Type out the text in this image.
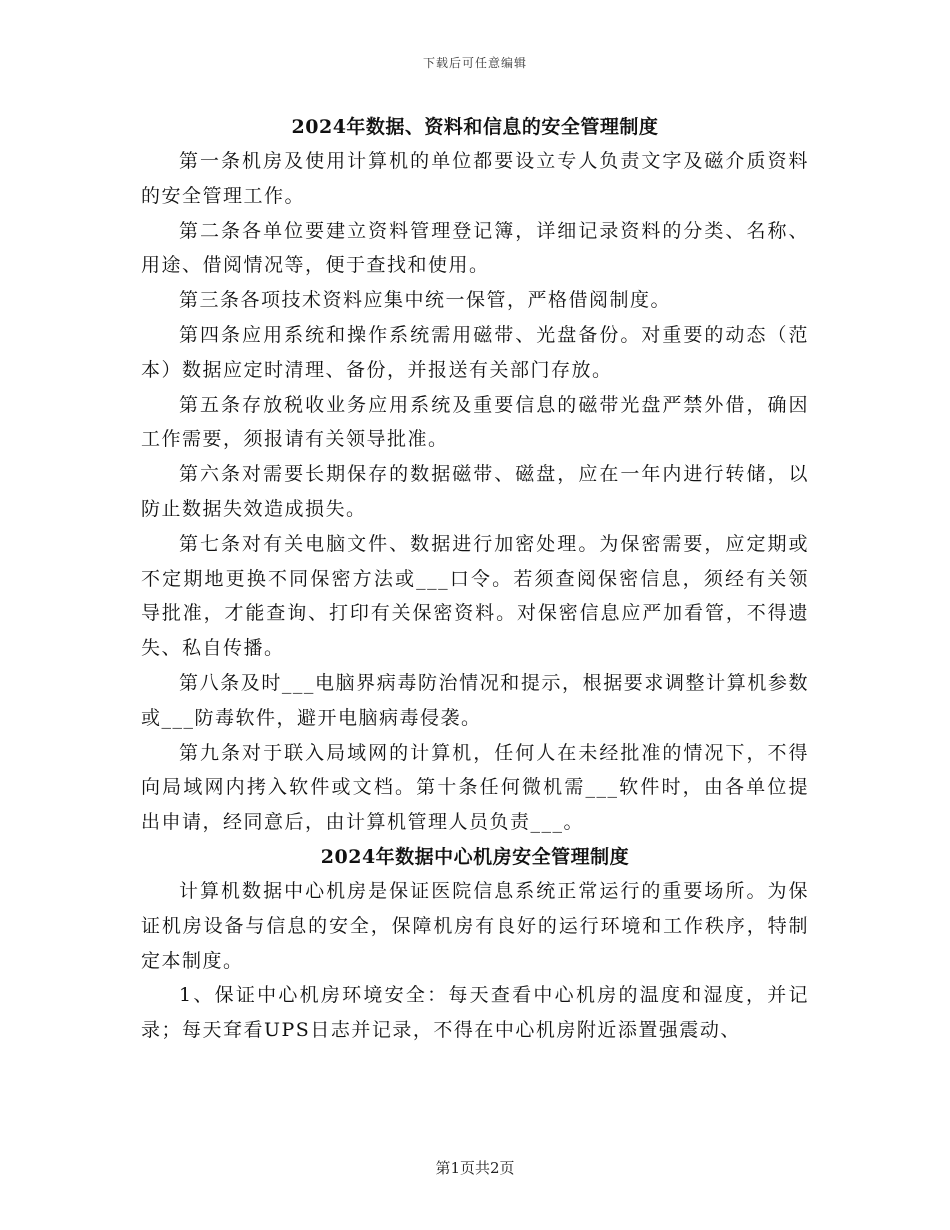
下载后可任意编辑
2024年数据、资料和信息的安全管理制度

第一条机房及使用计算机的单位都要设立专人负责文字及磁介质资料的安全管理工作。

第二条各单位要建立资料管理登记簿，详细记录资料的分类、名称、用途、借阅情况等，便于查找和使用。

第三条各项技术资料应集中统一保管，严格借阅制度。

第四条应用系统和操作系统需用磁带、光盘备份。对重要的动态（范本）数据应定时清理、备份，并报送有关部门存放。

第五条存放税收业务应用系统及重要信息的磁带光盘严禁外借，确因工作需要，须报请有关领导批准。

第六条对需要长期保存的数据磁带、磁盘，应在一年内进行转储，以防止数据失效造成损失。

第七条对有关电脑文件、数据进行加密处理。为保密需要，应定期或不定期地更换不同保密方法或___口令。若须查阅保密信息，须经有关领导批准，才能查询、打印有关保密资料。对保密信息应严加看管，不得遗失、私自传播。

第八条及时___电脑界病毒防治情况和提示，根据要求调整计算机参数或___防毒软件，避开电脑病毒侵袭。

第九条对于联入局域网的计算机，任何人在未经批准的情况下，不得向局域网内拷入软件或文档。第十条任何微机需___软件时，由各单位提出申请，经同意后，由计算机管理人员负责___。

2024年数据中心机房安全管理制度

计算机数据中心机房是保证医院信息系统正常运行的重要场所。为保证机房设备与信息的安全，保障机房有良好的运行环境和工作秩序，特制定本制度。

1、保证中心机房环境安全：每天查看中心机房的温度和湿度，并记录；每天耷看UPS日志并记录，不得在中心机房附近添置强震动、

第1页共2页
